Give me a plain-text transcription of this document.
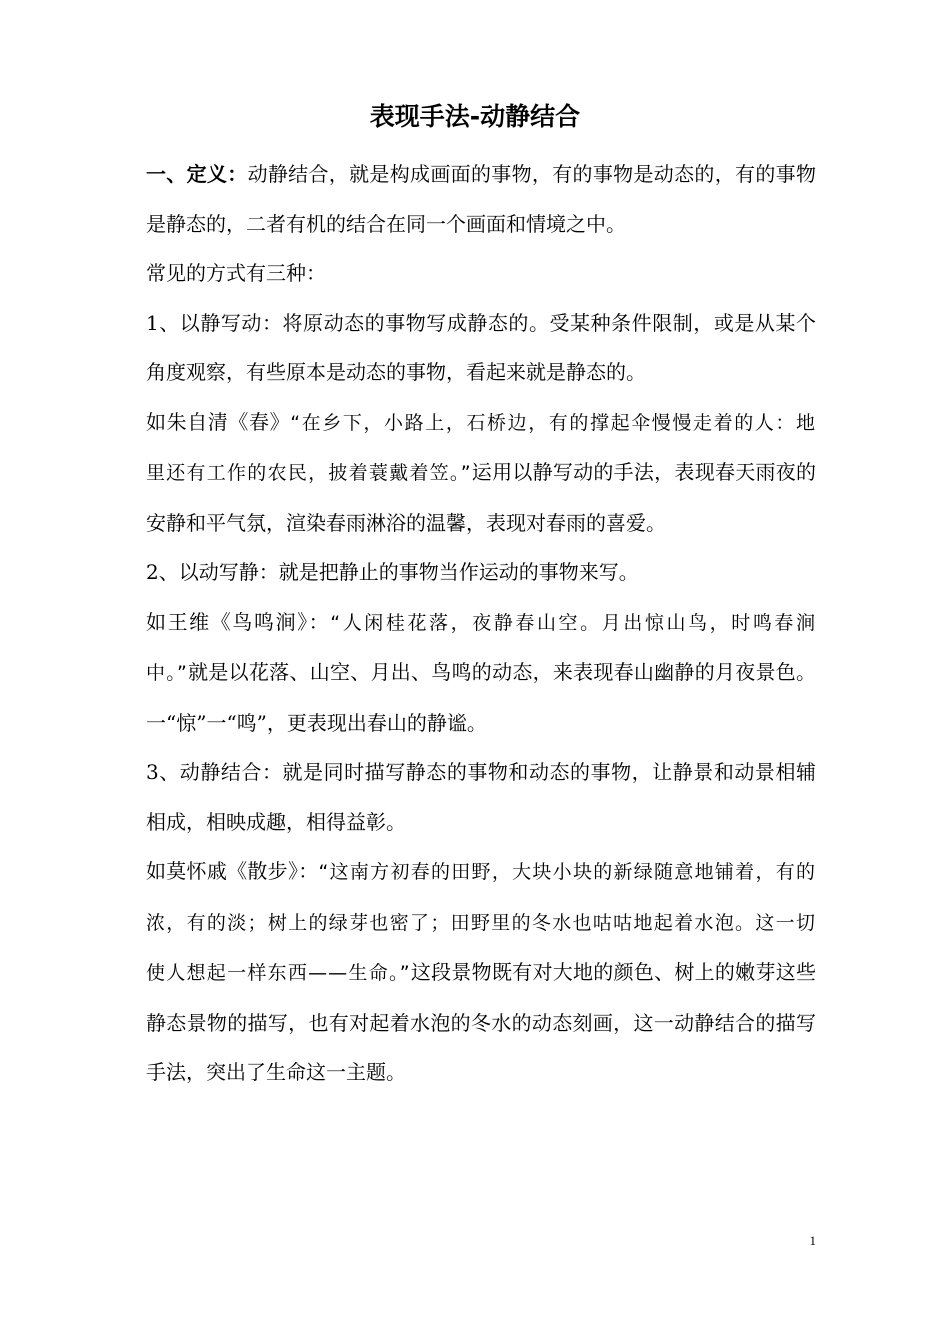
表现手法-动静结合

一、定义：动静结合，就是构成画面的事物，有的事物是动态的，有的事物是静态的，二者有机的结合在同一个画面和情境之中。

常见的方式有三种：

1、以静写动：将原动态的事物写成静态的。受某种条件限制，或是从某个角度观察，有些原本是动态的事物，看起来就是静态的。

如朱自清《春》“在乡下，小路上，石桥边，有的撑起伞慢慢走着的人：地里还有工作的农民，披着蓑戴着笠。”运用以静写动的手法，表现春天雨夜的安静和平气氛，渲染春雨淋浴的温馨，表现对春雨的喜爱。

2、以动写静：就是把静止的事物当作运动的事物来写。

如王维《鸟鸣涧》：“人闲桂花落，夜静春山空。月出惊山鸟，时鸣春涧中。”就是以花落、山空、月出、鸟鸣的动态，来表现春山幽静的月夜景色。一“惊”一“鸣”，更表现出春山的静谧。

3、动静结合：就是同时描写静态的事物和动态的事物，让静景和动景相辅相成，相映成趣，相得益彰。

如莫怀戚《散步》：“这南方初春的田野，大块小块的新绿随意地铺着，有的浓，有的淡；树上的绿芽也密了；田野里的冬水也咕咕地起着水泡。这一切使人想起一样东西——生命。”这段景物既有对大地的颜色、树上的嫩芽这些静态景物的描写，也有对起着水泡的冬水的动态刻画，这一动静结合的描写手法，突出了生命这一主题。

1
